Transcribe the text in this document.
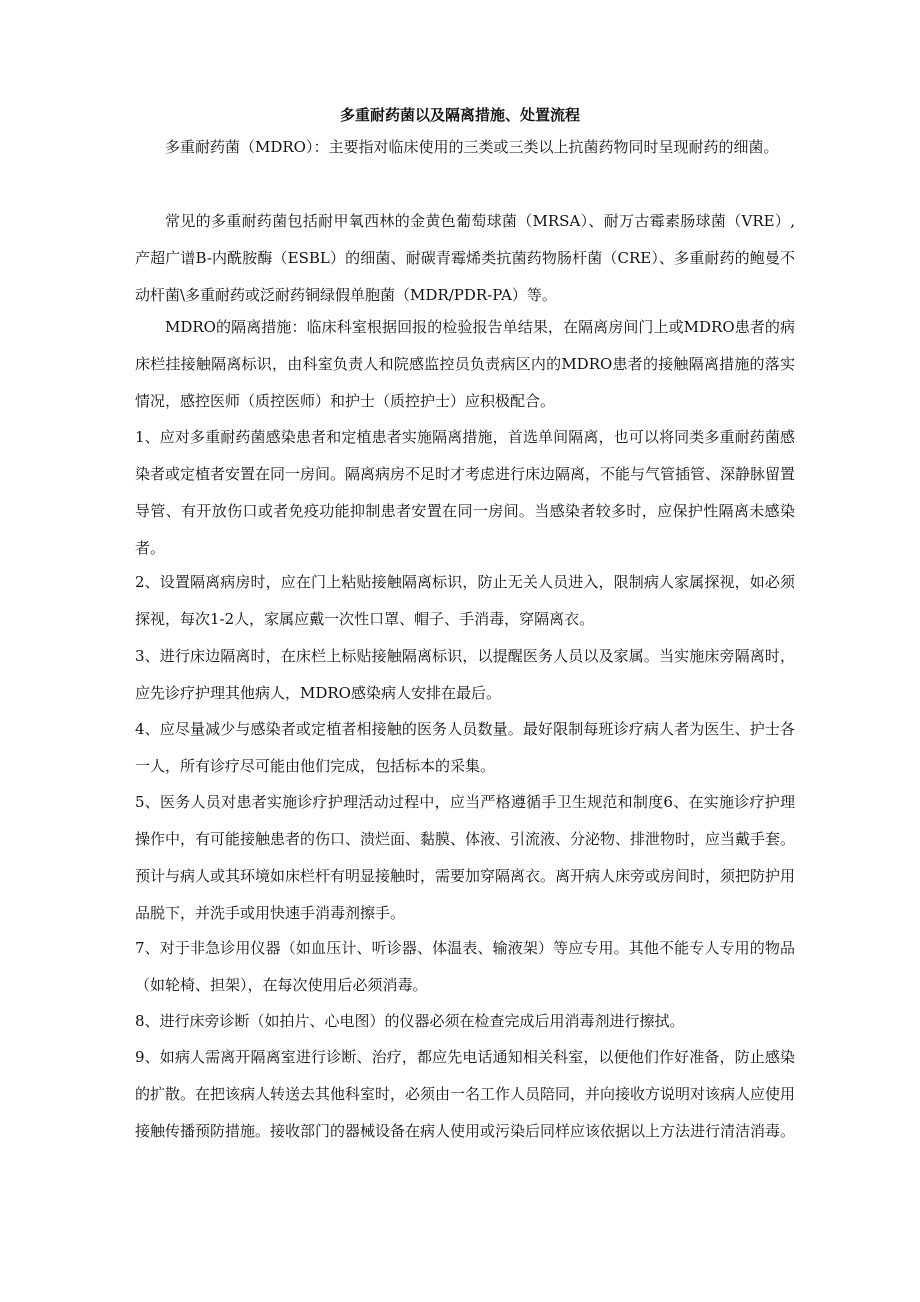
多重耐药菌以及隔离措施、处置流程
多重耐药菌（MDRO）：主要指对临床使用的三类或三类以上抗菌药物同时呈现耐药的细菌。
常见的多重耐药菌包括耐甲氧西林的金黄色葡萄球菌（MRSA）、耐万古霉素肠球菌（VRE）,产超广谱B-内酰胺酶（ESBL）的细菌、耐碳青霉烯类抗菌药物肠杆菌（CRE）、多重耐药的鲍曼不动杆菌\多重耐药或泛耐药铜绿假单胞菌（MDR/PDR-PA）等。
MDRO的隔离措施：临床科室根据回报的检验报告单结果，在隔离房间门上或MDRO患者的病床栏挂接触隔离标识，由科室负责人和院感监控员负责病区内的MDRO患者的接触隔离措施的落实情况，感控医师（质控医师）和护士（质控护士）应积极配合。
1、应对多重耐药菌感染患者和定植患者实施隔离措施，首选单间隔离，也可以将同类多重耐药菌感染者或定植者安置在同一房间。隔离病房不足时才考虑进行床边隔离，不能与气管插管、深静脉留置导管、有开放伤口或者免疫功能抑制患者安置在同一房间。当感染者较多时，应保护性隔离未感染者。
2、设置隔离病房时，应在门上粘贴接触隔离标识，防止无关人员进入，限制病人家属探视，如必须探视，每次1-2人，家属应戴一次性口罩、帽子、手消毒，穿隔离衣。
3、进行床边隔离时，在床栏上标贴接触隔离标识，以提醒医务人员以及家属。当实施床旁隔离时，应先诊疗护理其他病人，MDRO感染病人安排在最后。
4、应尽量减少与感染者或定植者相接触的医务人员数量。最好限制每班诊疗病人者为医生、护士各一人，所有诊疗尽可能由他们完成，包括标本的采集。
5、医务人员对患者实施诊疗护理活动过程中，应当严格遵循手卫生规范和制度6、在实施诊疗护理操作中，有可能接触患者的伤口、溃烂面、黏膜、体液、引流液、分泌物、排泄物时，应当戴手套。预计与病人或其环境如床栏杆有明显接触时，需要加穿隔离衣。离开病人床旁或房间时，须把防护用品脱下，并洗手或用快速手消毒剂擦手。
7、对于非急诊用仪器（如血压计、听诊器、体温表、输液架）等应专用。其他不能专人专用的物品（如轮椅、担架），在每次使用后必须消毒。
8、进行床旁诊断（如拍片、心电图）的仪器必须在检查完成后用消毒剂进行擦拭。
9、如病人需离开隔离室进行诊断、治疗，都应先电话通知相关科室，以便他们作好准备，防止感染的扩散。在把该病人转送去其他科室时，必须由一名工作人员陪同，并向接收方说明对该病人应使用接触传播预防措施。接收部门的器械设备在病人使用或污染后同样应该依据以上方法进行清洁消毒。
